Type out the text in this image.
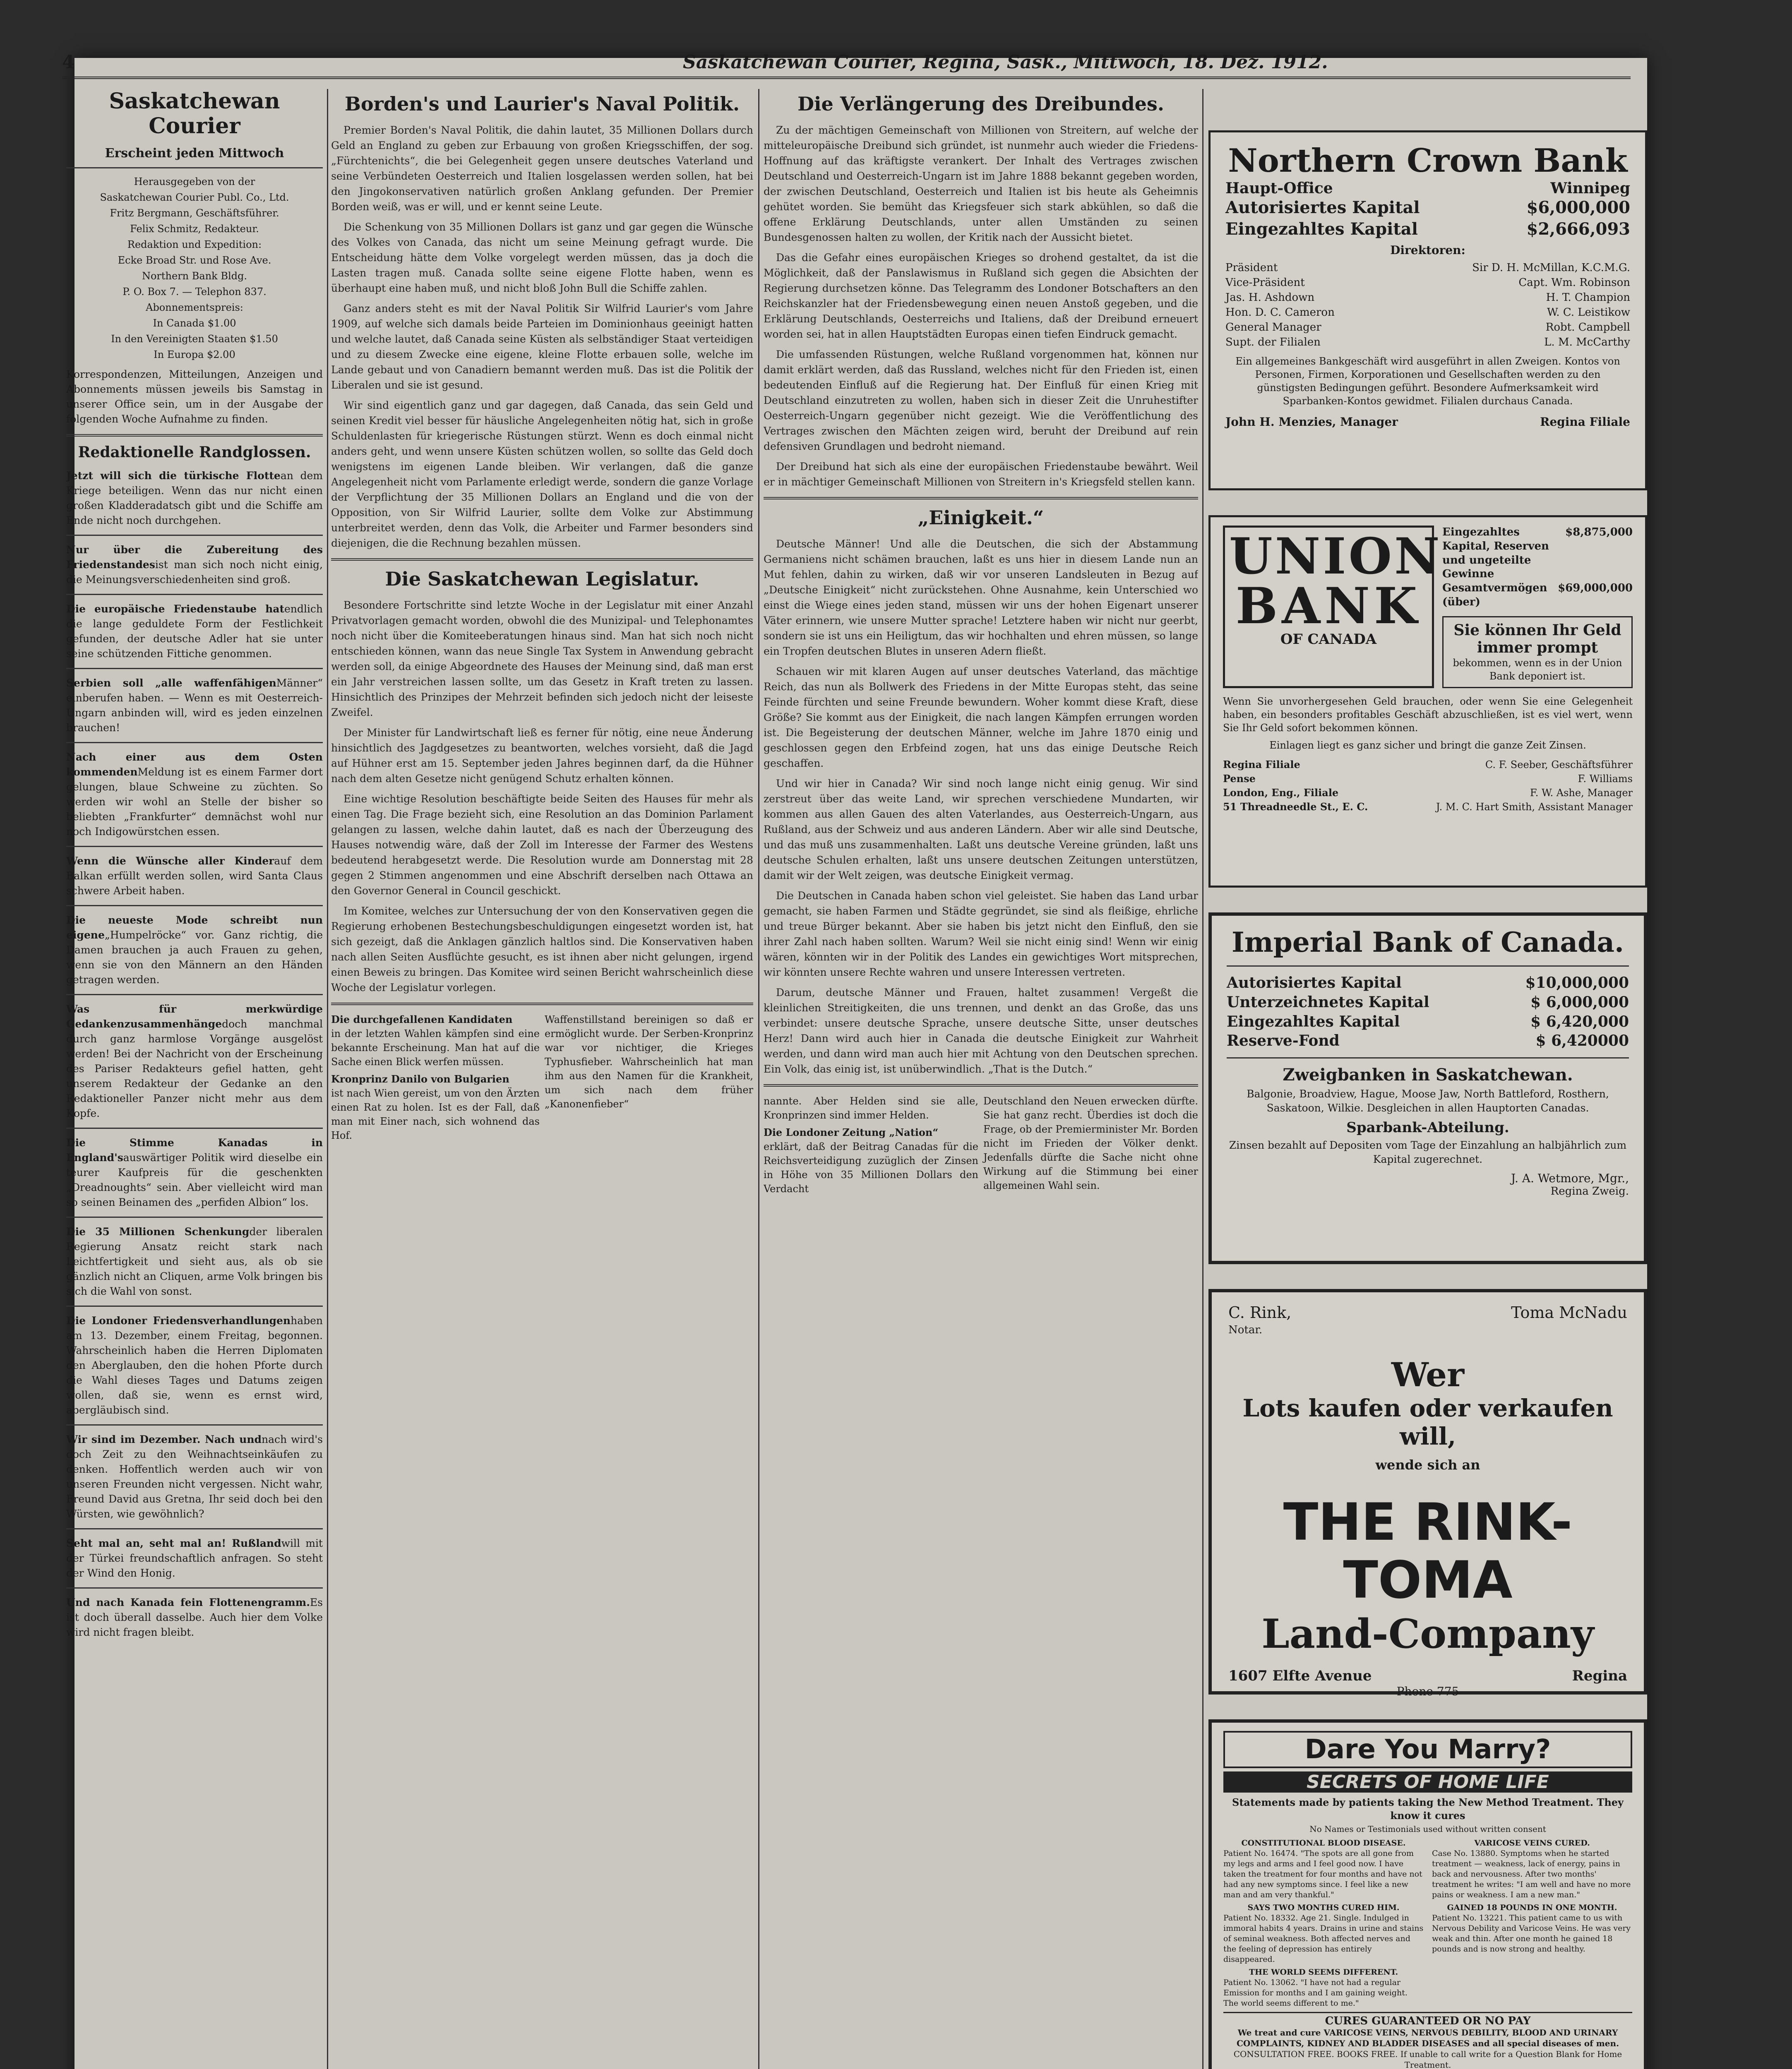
4	Saskatchewan Courier, Regina, Sask., Mittwoch, 18. Dez. 1912.
Saskatchewan Courier
Erscheint jeden Mittwoch
Herausgegeben von der
Saskatchewan Courier Publ. Co., Ltd.
Fritz Bergmann, Geschäftsführer.
Felix Schmitz, Redakteur.
Redaktion und Expedition:
Ecke Broad Str. und Rose Ave.
Northern Bank Bldg.
P. O. Box 7. — Telephon 837.
Abonnementspreis:
In Canada $1.00
In den Vereinigten Staaten $1.50
In Europa $2.00
Korrespondenzen, Mitteilungen, Anzeigen und Abonnements müssen jeweils bis Samstag in unserer Office sein, um in der Ausgabe der folgenden Woche Aufnahme zu finden.
Redaktionelle Randglossen.
Jetzt will sich die türkische Flottean dem Kriege beteiligen. Wenn das nur nicht einen großen Kladderadatsch gibt und die Schiffe am Ende nicht noch durchgehen.
Nur über die Zubereitung des Friedenstandesist man sich noch nicht einig, die Meinungsverschiedenheiten sind groß.
Die europäische Friedenstaube hatendlich die lange geduldete Form der Festlichkeit gefunden, der deutsche Adler hat sie unter seine schützenden Fittiche genommen.
Serbien soll „alle waffenfähigenMänner“ einberufen haben. — Wenn es mit Oesterreich-Ungarn anbinden will, wird es jeden einzelnen brauchen!
Nach einer aus dem Osten kommendenMeldung ist es einem Farmer dort gelungen, blaue Schweine zu züchten. So werden wir wohl an Stelle der bisher so beliebten „Frankfurter“ demnächst wohl nur noch Indigowürstchen essen.
Wenn die Wünsche aller Kinderauf dem Balkan erfüllt werden sollen, wird Santa Claus schwere Arbeit haben.
Die neueste Mode schreibt nun eigene„Humpelröcke“ vor. Ganz richtig, die Damen brauchen ja auch Frauen zu gehen, wenn sie von den Männern an den Händen getragen werden.
Was für merkwürdige Gedankenzusammenhängedoch manchmal durch ganz harmlose Vorgänge ausgelöst werden! Bei der Nachricht von der Erscheinung des Pariser Redakteurs gefiel hatten, geht unserem Redakteur der Gedanke an den Redaktioneller Panzer nicht mehr aus dem Kopfe.
Die Stimme Kanadas in England'sauswärtiger Politik wird dieselbe ein teurer Kaufpreis für die geschenkten „Dreadnoughts“ sein. Aber vielleicht wird man so seinen Beinamen des „perfiden Albion“ los.
Die 35 Millionen Schenkungder liberalen Regierung Ansatz reicht stark nach Leichtfertigkeit und sieht aus, als ob sie gänzlich nicht an Cliquen, arme Volk bringen bis sich die Wahl von sonst.
Die Londoner Friedensverhandlungenhaben am 13. Dezember, einem Freitag, begonnen. Wahrscheinlich haben die Herren Diplomaten den Aberglauben, den die hohen Pforte durch die Wahl dieses Tages und Datums zeigen wollen, daß sie, wenn es ernst wird, abergläubisch sind.
Wir sind im Dezember. Nach undnach wird's doch Zeit zu den Weihnachtseinkäufen zu denken. Hoffentlich werden auch wir von unseren Freunden nicht vergessen. Nicht wahr, Freund David aus Gretna, Ihr seid doch bei den Würsten, wie gewöhnlich?
Seht mal an, seht mal an! Rußlandwill mit der Türkei freundschaftlich anfragen. So steht der Wind den Honig.
Und nach Kanada fein Flottenengramm.Es ist doch überall dasselbe. Auch hier dem Volke wird nicht fragen bleibt.
Borden's und Laurier's Naval Politik.

Premier Borden's Naval Politik, die dahin lautet, 35 Millionen Dollars durch Geld an England zu geben zur Erbauung von großen Kriegsschiffen, der sog. „Fürchtenichts“, die bei Gelegenheit gegen unsere deutsches Vaterland und seine Verbündeten Oesterreich und Italien losgelassen werden sollen, hat bei den Jingokonservativen natürlich großen Anklang gefunden. Der Premier Borden weiß, was er will, und er kennt seine Leute.

Die Schenkung von 35 Millionen Dollars ist ganz und gar gegen die Wünsche des Volkes von Canada, das nicht um seine Meinung gefragt wurde. Die Entscheidung hätte dem Volke vorgelegt werden müssen, das ja doch die Lasten tragen muß. Canada sollte seine eigene Flotte haben, wenn es überhaupt eine haben muß, und nicht bloß John Bull die Schiffe zahlen.

Ganz anders steht es mit der Naval Politik Sir Wilfrid Laurier's vom Jahre 1909, auf welche sich damals beide Parteien im Dominionhaus geeinigt hatten und welche lautet, daß Canada seine Küsten als selbständiger Staat verteidigen und zu diesem Zwecke eine eigene, kleine Flotte erbauen solle, welche im Lande gebaut und von Canadiern bemannt werden muß. Das ist die Politik der Liberalen und sie ist gesund.

Wir sind eigentlich ganz und gar dagegen, daß Canada, das sein Geld und seinen Kredit viel besser für häusliche Angelegenheiten nötig hat, sich in große Schuldenlasten für kriegerische Rüstungen stürzt. Wenn es doch einmal nicht anders geht, und wenn unsere Küsten schützen wollen, so sollte das Geld doch wenigstens im eigenen Lande bleiben. Wir verlangen, daß die ganze Angelegenheit nicht vom Parlamente erledigt werde, sondern die ganze Vorlage der Verpflichtung der 35 Millionen Dollars an England und die von der Opposition, von Sir Wilfrid Laurier, sollte dem Volke zur Abstimmung unterbreitet werden, denn das Volk, die Arbeiter und Farmer besonders sind diejenigen, die die Rechnung bezahlen müssen.

Die Saskatchewan Legislatur.

Besondere Fortschritte sind letzte Woche in der Legislatur mit einer Anzahl Privatvorlagen gemacht worden, obwohl die des Munizipal- und Telephonamtes noch nicht über die Komiteeberatungen hinaus sind. Man hat sich noch nicht entschieden können, wann das neue Single Tax System in Anwendung gebracht werden soll, da einige Abgeordnete des Hauses der Meinung sind, daß man erst ein Jahr verstreichen lassen sollte, um das Gesetz in Kraft treten zu lassen. Hinsichtlich des Prinzipes der Mehrzeit befinden sich jedoch nicht der leiseste Zweifel.

Der Minister für Landwirtschaft ließ es ferner für nötig, eine neue Änderung hinsichtlich des Jagdgesetzes zu beantworten, welches vorsieht, daß die Jagd auf Hühner erst am 15. September jeden Jahres beginnen darf, da die Hühner nach dem alten Gesetze nicht genügend Schutz erhalten können.

Eine wichtige Resolution beschäftigte beide Seiten des Hauses für mehr als einen Tag. Die Frage bezieht sich, eine Resolution an das Dominion Parlament gelangen zu lassen, welche dahin lautet, daß es nach der Überzeugung des Hauses notwendig wäre, daß der Zoll im Interesse der Farmer des Westens bedeutend herabgesetzt werde. Die Resolution wurde am Donnerstag mit 28 gegen 2 Stimmen angenommen und eine Abschrift derselben nach Ottawa an den Governor General in Council geschickt.

Im Komitee, welches zur Untersuchung der von den Konservativen gegen die Regierung erhobenen Bestechungsbeschuldigungen eingesetzt worden ist, hat sich gezeigt, daß die Anklagen gänzlich haltlos sind. Die Konservativen haben nach allen Seiten Ausflüchte gesucht, es ist ihnen aber nicht gelungen, irgend einen Beweis zu bringen. Das Komitee wird seinen Bericht wahrscheinlich diese Woche der Legislatur vorlegen.

Die durchgefallenen Kandidaten
in der letzten Wahlen kämpfen sind eine bekannte Erscheinung. Man hat auf die Sache einen Blick werfen müssen.
Kronprinz Danilo von Bulgarien
ist nach Wien gereist, um von den Ärzten einen Rat zu holen. Ist es der Fall, daß man mit Einer nach, sich wohnend das Hof.
Waffenstillstand bereinigen so daß er ermöglicht wurde. Der Serben-Kronprinz war vor nichtiger, die Krieges Typhusfieber. Wahrscheinlich hat man ihm aus den Namen für die Krankheit, um sich nach dem früher „Kanonenfieber“
Die Verlängerung des Dreibundes.

Zu der mächtigen Gemeinschaft von Millionen von Streitern, auf welche der mitteleuropäische Dreibund sich gründet, ist nunmehr auch wieder die Friedens-Hoffnung auf das kräftigste verankert. Der Inhalt des Vertrages zwischen Deutschland und Oesterreich-Ungarn ist im Jahre 1888 bekannt gegeben worden, der zwischen Deutschland, Oesterreich und Italien ist bis heute als Geheimnis gehütet worden. Sie bemüht das Kriegsfeuer sich stark abkühlen, so daß die offene Erklärung Deutschlands, unter allen Umständen zu seinen Bundesgenossen halten zu wollen, der Kritik nach der Aussicht bietet.

Das die Gefahr eines europäischen Krieges so drohend gestaltet, da ist die Möglichkeit, daß der Panslawismus in Rußland sich gegen die Absichten der Regierung durchsetzen könne. Das Telegramm des Londoner Botschafters an den Reichskanzler hat der Friedensbewegung einen neuen Anstoß gegeben, und die Erklärung Deutschlands, Oesterreichs und Italiens, daß der Dreibund erneuert worden sei, hat in allen Hauptstädten Europas einen tiefen Eindruck gemacht.

Die umfassenden Rüstungen, welche Rußland vorgenommen hat, können nur damit erklärt werden, daß das Russland, welches nicht für den Frieden ist, einen bedeutenden Einfluß auf die Regierung hat. Der Einfluß für einen Krieg mit Deutschland einzutreten zu wollen, haben sich in dieser Zeit die Unruhestifter Oesterreich-Ungarn gegenüber nicht gezeigt. Wie die Veröffentlichung des Vertrages zwischen den Mächten zeigen wird, beruht der Dreibund auf rein defensiven Grundlagen und bedroht niemand.

Der Dreibund hat sich als eine der europäischen Friedenstaube bewährt. Weil er in mächtiger Gemeinschaft Millionen von Streitern in's Kriegsfeld stellen kann.

„Einigkeit.“

Deutsche Männer! Und alle die Deutschen, die sich der Abstammung Germaniens nicht schämen brauchen, laßt es uns hier in diesem Lande nun an Mut fehlen, dahin zu wirken, daß wir vor unseren Landsleuten in Bezug auf „Deutsche Einigkeit“ nicht zurückstehen. Ohne Ausnahme, kein Unterschied wo einst die Wiege eines jeden stand, müssen wir uns der hohen Eigenart unserer Väter erinnern, wie unsere Mutter sprache! Letztere haben wir nicht nur geerbt, sondern sie ist uns ein Heiligtum, das wir hochhalten und ehren müssen, so lange ein Tropfen deutschen Blutes in unseren Adern fließt.

Schauen wir mit klaren Augen auf unser deutsches Vaterland, das mächtige Reich, das nun als Bollwerk des Friedens in der Mitte Europas steht, das seine Feinde fürchten und seine Freunde bewundern. Woher kommt diese Kraft, diese Größe? Sie kommt aus der Einigkeit, die nach langen Kämpfen errungen worden ist. Die Begeisterung der deutschen Männer, welche im Jahre 1870 einig und geschlossen gegen den Erbfeind zogen, hat uns das einige Deutsche Reich geschaffen.

Und wir hier in Canada? Wir sind noch lange nicht einig genug. Wir sind zerstreut über das weite Land, wir sprechen verschiedene Mundarten, wir kommen aus allen Gauen des alten Vaterlandes, aus Oesterreich-Ungarn, aus Rußland, aus der Schweiz und aus anderen Ländern. Aber wir alle sind Deutsche, und das muß uns zusammenhalten. Laßt uns deutsche Vereine gründen, laßt uns deutsche Schulen erhalten, laßt uns unsere deutschen Zeitungen unterstützen, damit wir der Welt zeigen, was deutsche Einigkeit vermag.

Die Deutschen in Canada haben schon viel geleistet. Sie haben das Land urbar gemacht, sie haben Farmen und Städte gegründet, sie sind als fleißige, ehrliche und treue Bürger bekannt. Aber sie haben bis jetzt nicht den Einfluß, den sie ihrer Zahl nach haben sollten. Warum? Weil sie nicht einig sind! Wenn wir einig wären, könnten wir in der Politik des Landes ein gewichtiges Wort mitsprechen, wir könnten unsere Rechte wahren und unsere Interessen vertreten.

Darum, deutsche Männer und Frauen, haltet zusammen! Vergeßt die kleinlichen Streitigkeiten, die uns trennen, und denkt an das Große, das uns verbindet: unsere deutsche Sprache, unsere deutsche Sitte, unser deutsches Herz! Dann wird auch hier in Canada die deutsche Einigkeit zur Wahrheit werden, und dann wird man auch hier mit Achtung von den Deutschen sprechen. Ein Volk, das einig ist, ist unüberwindlich. „That is the Dutch.“

nannte. Aber Helden sind sie alle, Kronprinzen sind immer Helden.
Die Londoner Zeitung „Nation“
erklärt, daß der Beitrag Canadas für die Reichsverteidigung zuzüglich der Zinsen in Höhe von 35 Millionen Dollars den Verdacht
Deutschland den Neuen erwecken dürfte. Sie hat ganz recht. Überdies ist doch die Frage, ob der Premierminister Mr. Borden nicht im Frieden der Völker denkt. Jedenfalls dürfte die Sache nicht ohne Wirkung auf die Stimmung bei einer allgemeinen Wahl sein.
Northern Crown Bank
Haupt-Office	Winnipeg
Autorisiertes Kapital	$6,000,000
Eingezahltes Kapital	$2,666,093
Direktoren:
Präsident	Sir D. H. McMillan, K.C.M.G.
Vice-Präsident	Capt. Wm. Robinson
Jas. H. Ashdown	H. T. Champion
Hon. D. C. Cameron	W. C. Leistikow
General Manager	Robt. Campbell
Supt. der Filialen	L. M. McCarthy
Ein allgemeines Bankgeschäft wird ausgeführt in allen Zweigen. Kontos von Personen, Firmen, Korporationen und Gesellschaften werden zu den günstigsten Bedingungen geführt. Besondere Aufmerksamkeit wird Sparbanken-Kontos gewidmet. Filialen durchaus Canada.
John H. Menzies, Manager	Regina Filiale
UNION
BANK
OF CANADA
Eingezahltes Kapital, Reserven und ungeteilte Gewinne
$8,875,000
Gesamtvermögen (über)
$69,000,000
Sie können Ihr Geld
immer prompt
bekommen, wenn es in der Union Bank deponiert ist.
Wenn Sie unvorhergesehen Geld brauchen, oder wenn Sie eine Gelegenheit haben, ein besonders profitables Geschäft abzuschließen, ist es viel wert, wenn Sie Ihr Geld sofort bekommen können.
Einlagen liegt es ganz sicher und bringt die ganze Zeit Zinsen.
Regina Filiale	C. F. Seeber, Geschäftsführer
Pense	F. Williams
London, Eng., Filiale	F. W. Ashe, Manager
51 Threadneedle St., E. C.	J. M. C. Hart Smith, Assistant Manager
Imperial Bank of Canada.
Autorisiertes Kapital	$10,000,000
Unterzeichnetes Kapital	$ 6,000,000
Eingezahltes Kapital	$ 6,420,000
Reserve-Fond	$ 6,420000
Zweigbanken in Saskatchewan.
Balgonie, Broadview, Hague, Moose Jaw, North Battleford, Rosthern, Saskatoon, Wilkie. Desgleichen in allen Hauptorten Canadas.
Sparbank-Abteilung.
Zinsen bezahlt auf Depositen vom Tage der Einzahlung an halbjährlich zum Kapital zugerechnet.
J. A. Wetmore, Mgr.,
Regina Zweig.
C. Rink,
Notar.
Toma McNadu
Wer
Lots kaufen oder verkaufen will,
wende sich an
THE RINK-TOMA
Land-Company
1607 Elfte Avenue	Regina
Phone 775
Dare You Marry?
SECRETS OF HOME LIFE
Statements made by patients taking the New Method Treatment. They know it cures
No Names or Testimonials used without written consent
CONSTITUTIONAL BLOOD DISEASE.
Patient No. 16474. "The spots are all gone from my legs and arms and I feel good now. I have taken the treatment for four months and have not had any new symptoms since. I feel like a new man and am very thankful."
SAYS TWO MONTHS CURED HIM.
Patient No. 18332. Age 21. Single. Indulged in immoral habits 4 years. Drains in urine and stains of seminal weakness. Both affected nerves and the feeling of depression has entirely disappeared.
THE WORLD SEEMS DIFFERENT.
Patient No. 13062. "I have not had a regular Emission for months and I am gaining weight. The world seems different to me."
VARICOSE VEINS CURED.
Case No. 13880. Symptoms when he started treatment — weakness, lack of energy, pains in back and nervousness. After two months' treatment he writes: "I am well and have no more pains or weakness. I am a new man."
GAINED 18 POUNDS IN ONE MONTH.
Patient No. 13221. This patient came to us with Nervous Debility and Varicose Veins. He was very weak and thin. After one month he gained 18 pounds and is now strong and healthy.
CURES GUARANTEED OR NO PAY
We treat and cure VARICOSE VEINS, NERVOUS DEBILITY, BLOOD AND URINARY COMPLAINTS, KIDNEY AND BLADDER DISEASES and all special diseases of men.
CONSULTATION FREE. BOOKS FREE. If unable to call write for a Question Blank for Home Treatment.
